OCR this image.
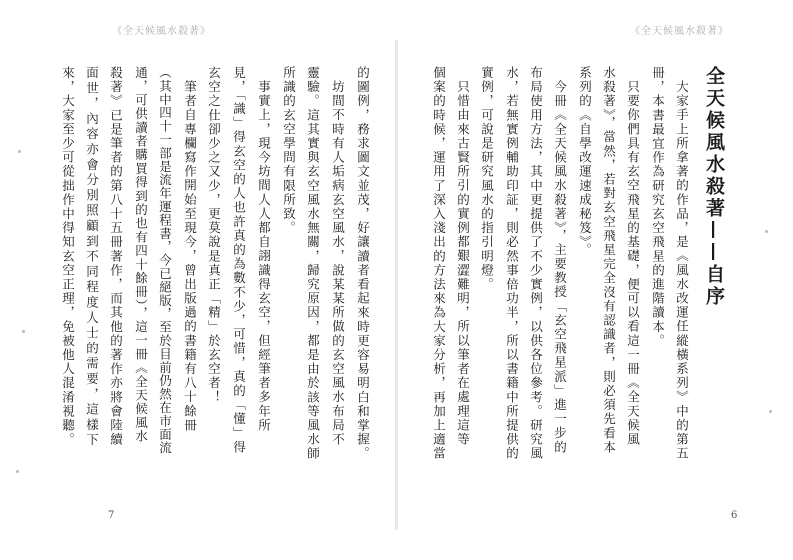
《全天候風水殺著》
的圖例，務求圖文並茂，好讓讀者看起來時更容易明白和掌握。
坊間不時有人垢病玄空風水，說某某所做的玄空風水布局不
靈驗。這其實與玄空風水無關，歸究原因，都是由於該等風水師
所識的玄空學問有限所致。
事實上，現今坊間人人都自詡識得玄空，但經筆者多年所
見，「識」得玄空的人也許真的為數不少，可惜，真的「懂」得
玄空之仕卻少之又少，更莫說是真正「精」於玄空者！
筆者自專欄寫作開始至現今，曾出版過的書籍有八十餘冊
（其中四十一部是流年運程書，今已絕版，至於目前仍然在市面流
通，可供讀者購買得到的也有四十餘冊），這一冊《全天候風水
殺著》已是筆者的第八十五冊著作，而其他的著作亦將會陸續
面世，內容亦會分別照顧到不同程度人士的需要，這樣下
來，大家至少可從拙作中得知玄空正理，免被他人混淆視聽。
7
《全天候風水殺著》
全天候風水殺著——自序
大家手上所拿著的作品，是《風水改運任縱橫系列》中的第五
冊，本書最宜作為研究玄空飛星的進階讀本。
只要你們具有玄空飛星的基礎，便可以看這一冊《全天候風
水殺著》，當然，若對玄空飛星完全沒有認識者，則必須先看本
系列的《自學改運速成秘笈》。
今冊《全天候風水殺著》，主要教授「玄空飛星派」進一步的
布局使用方法，其中更提供了不少實例，以供各位參考。研究風
水，若無實例輔助印証，則必然事倍功半，所以書籍中所提供的
實例，可說是研究風水的指引明燈。
只惜由來古賢所引的實例都艱澀難明，所以筆者在處理這等
個案的時候，運用了深入淺出的方法來為大家分析，再加上適當
6
